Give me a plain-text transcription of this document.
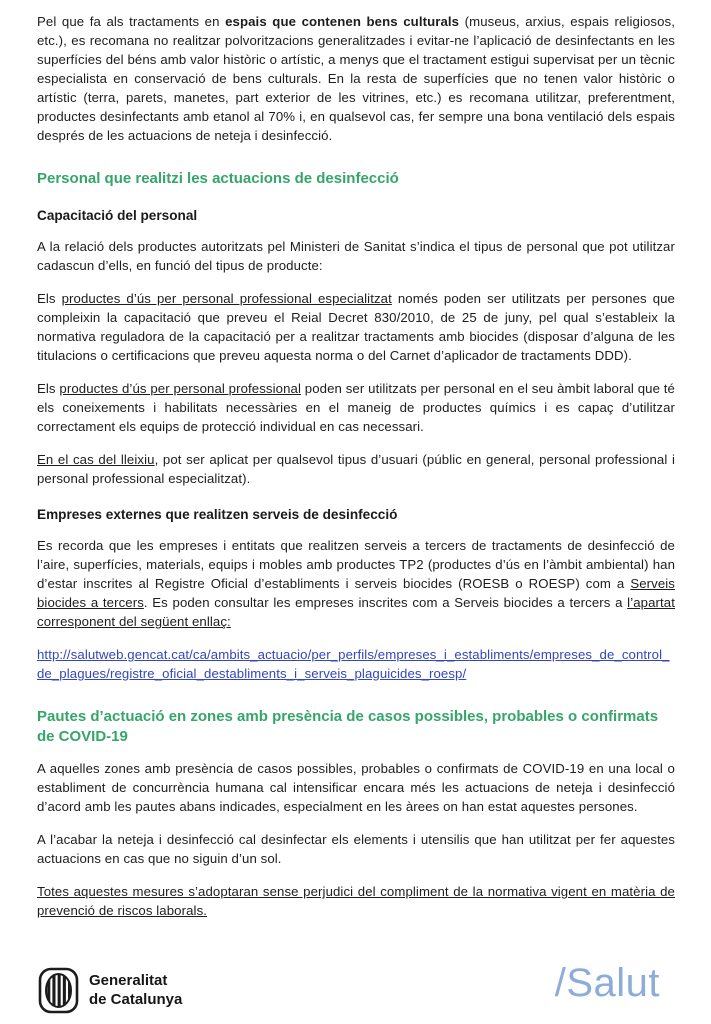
Pel que fa als tractaments en espais que contenen bens culturals (museus, arxius, espais religiosos, etc.), es recomana no realitzar polvoritzacions generalitzades i evitar-ne l’aplicació de desinfectants en les superfícies del béns amb valor històric o artístic, a menys que el tractament estigui supervisat per un tècnic especialista en conservació de bens culturals. En la resta de superfícies que no tenen valor històric o artístic (terra, parets, manetes, part exterior de les vitrines, etc.) es recomana utilitzar, preferentment, productes desinfectants amb etanol al 70% i, en qualsevol cas, fer sempre una bona ventilació dels espais després de les actuacions de neteja i desinfecció.

Personal que realitzi les actuacions de desinfecció
Capacitació del personal

A la relació dels productes autoritzats pel Ministeri de Sanitat s’indica el tipus de personal que pot utilitzar cadascun d’ells, en funció del tipus de producte:

Els productes d’ús per personal professional especialitzat només poden ser utilitzats per persones que compleixin la capacitació que preveu el Reial Decret 830/2010, de 25 de juny, pel qual s’estableix la normativa reguladora de la capacitació per a realitzar tractaments amb biocides (disposar d’alguna de les titulacions o certificacions que preveu aquesta norma o del Carnet d’aplicador de tractaments DDD).

Els productes d’ús per personal professional poden ser utilitzats per personal en el seu àmbit laboral que té els coneixements i habilitats necessàries en el maneig de productes químics i es capaç d’utilitzar correctament els equips de protecció individual en cas necessari.

En el cas del lleixiu, pot ser aplicat per qualsevol tipus d’usuari (públic en general, personal professional i personal professional especialitzat).

Empreses externes que realitzen serveis de desinfecció

Es recorda que les empreses i entitats que realitzen serveis a tercers de tractaments de desinfecció de l’aire, superfícies, materials, equips i mobles amb productes TP2 (productes d’ús en l’àmbit ambiental) han d’estar inscrites al Registre Oficial d’establiments i serveis biocides (ROESB o ROESP) com a Serveis biocides a tercers. Es poden consultar les empreses inscrites com a Serveis biocides a tercers a l’apartat corresponent del següent enllaç:

http://salutweb.gencat.cat/ca/ambits_actuacio/per_perfils/empreses_i_establiments/empreses_de_control_de_plagues/registre_oficial_destabliments_i_serveis_plaguicides_roesp/

Pautes d’actuació en zones amb presència de casos possibles, probables o confirmats de COVID-19

A aquelles zones amb presència de casos possibles, probables o confirmats de COVID-19 en una local o establiment de concurrència humana cal intensificar encara més les actuacions de neteja i desinfecció d’acord amb les pautes abans indicades, especialment en les àrees on han estat aquestes persones.

A l’acabar la neteja i desinfecció cal desinfectar els elements i utensilis que han utilitzat per fer aquestes actuacions en cas que no siguin d’un sol.

Totes aquestes mesures s’adoptaran sense perjudici del compliment de la normativa vigent en matèria de prevenció de riscos laborals.

Generalitat
de Catalunya	/Salut
